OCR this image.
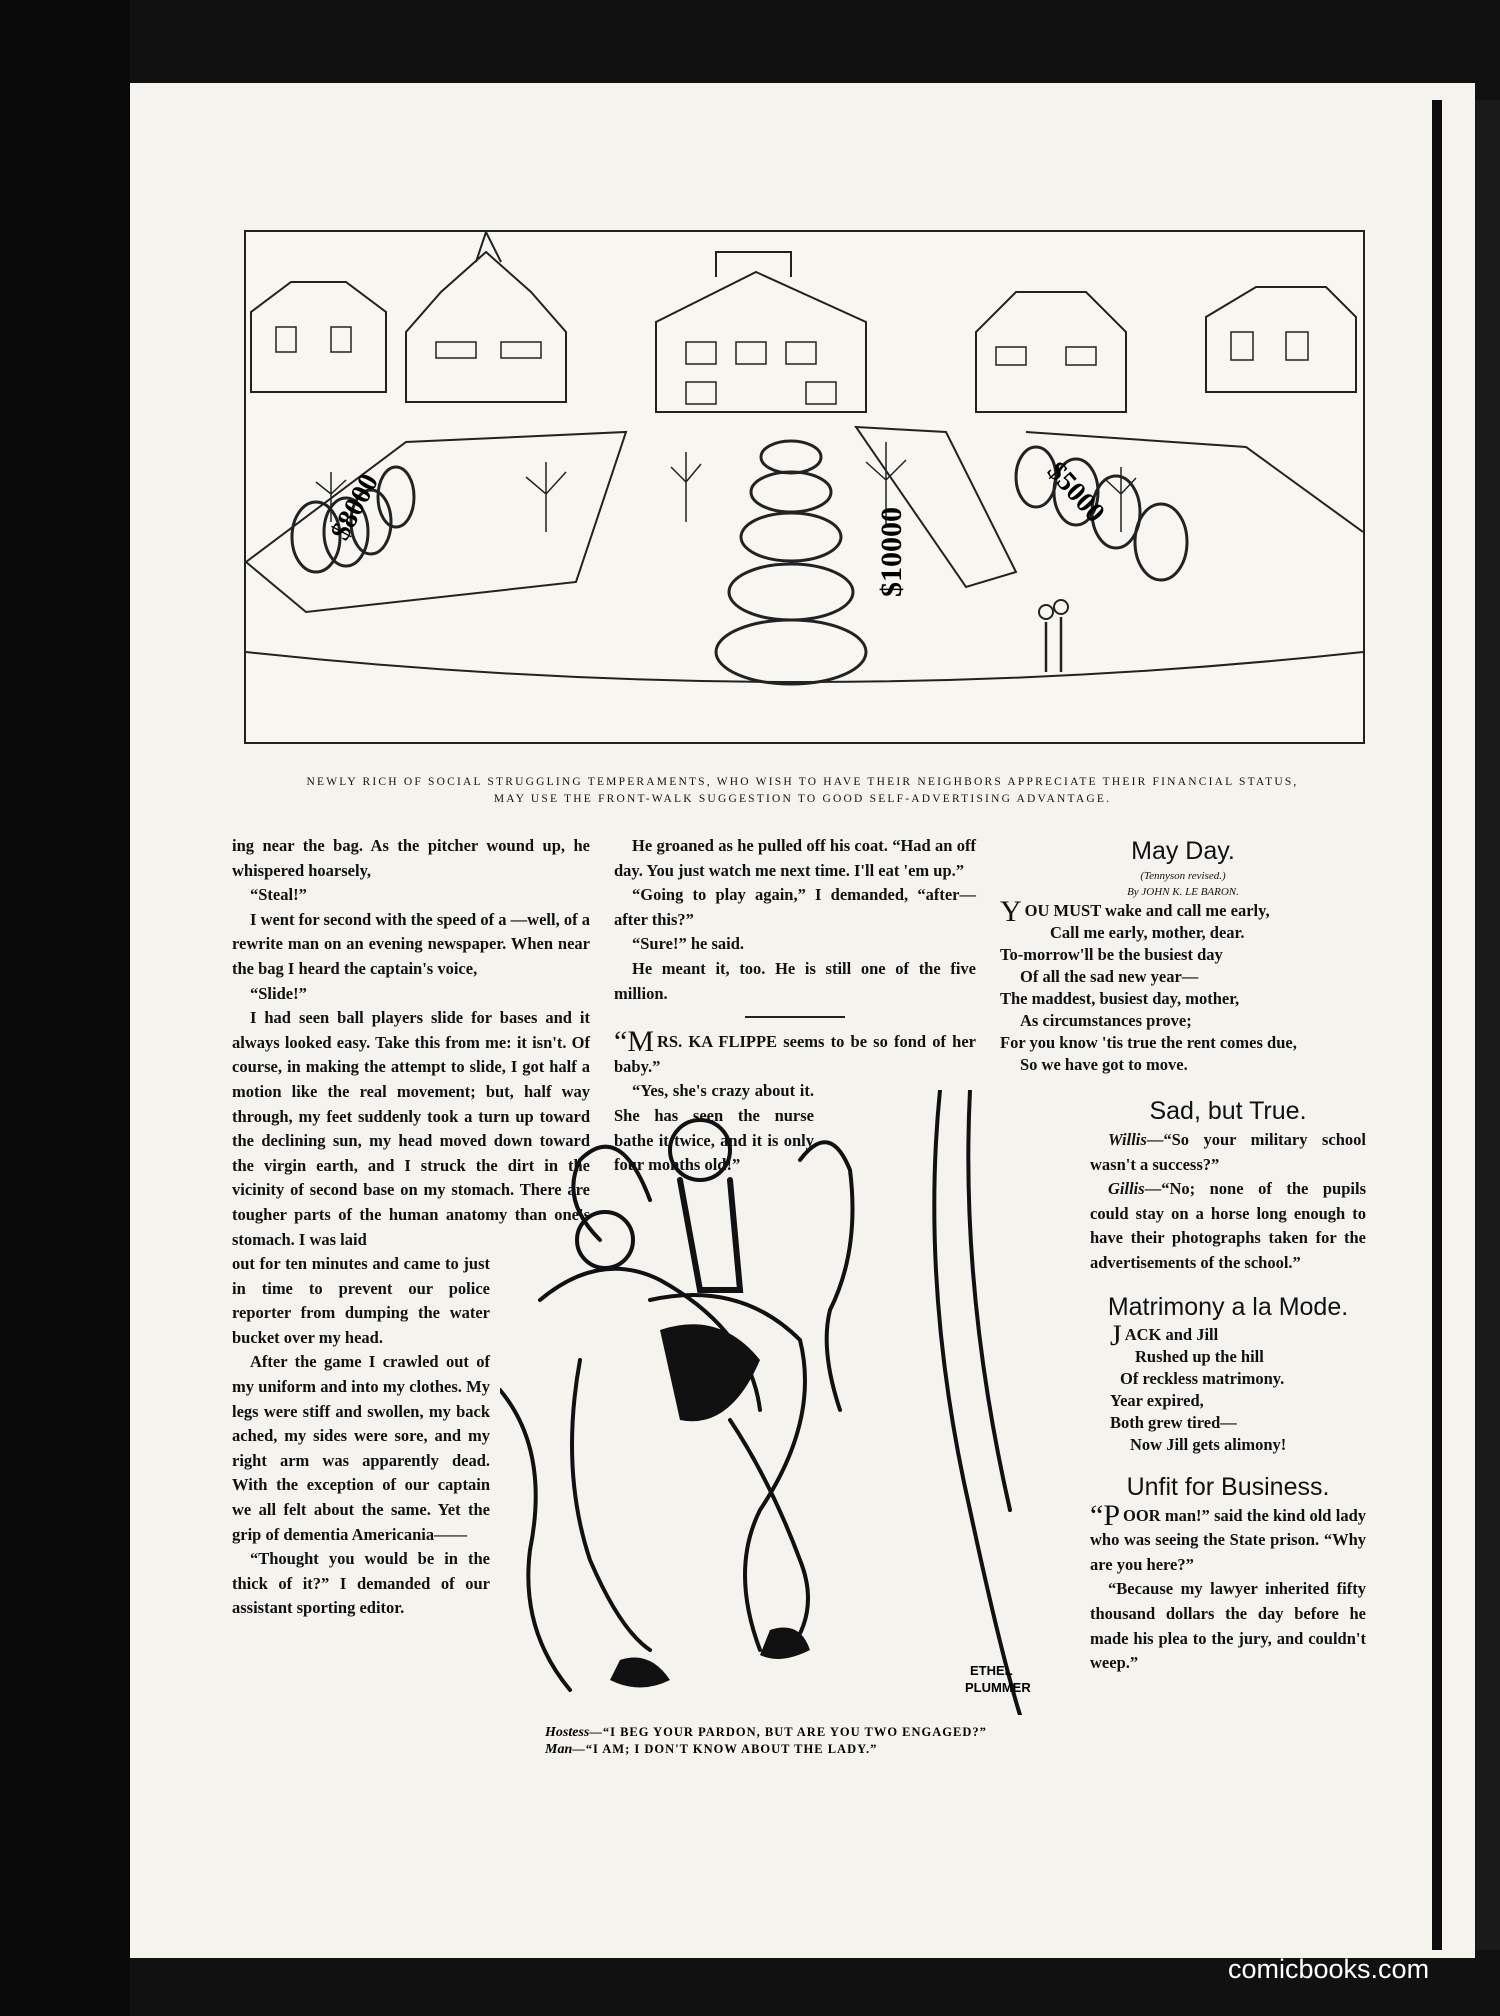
$8000	$10000
$5000
NEWLY RICH OF SOCIAL STRUGGLING TEMPERAMENTS, WHO WISH TO HAVE THEIR NEIGHBORS APPRECIATE THEIR FINANCIAL STATUS,
MAY USE THE FRONT-WALK SUGGESTION TO GOOD SELF-ADVERTISING ADVANTAGE.

ing near the bag. As the pitcher wound up, he whispered hoarsely,

“Steal!”

I went for second with the speed of a —well, of a rewrite man on an evening newspaper. When near the bag I heard the captain's voice,

“Slide!”

I had seen ball players slide for bases and it always looked easy. Take this from me: it isn't. Of course, in making the attempt to slide, I got half a motion like the real movement; but, half way through, my feet suddenly took a turn up toward the declining sun, my head moved down toward the virgin earth, and I struck the dirt in the vicinity of second base on my stomach. There are tougher parts of the human anatomy than one's stomach. I was laid

out for ten minutes and came to just in time to prevent our police reporter from dumping the water bucket over my head.

After the game I crawled out of my uniform and into my clothes. My legs were stiff and swollen, my back ached, my sides were sore, and my right arm was apparently dead. With the exception of our captain we all felt about the same. Yet the grip of dementia Americania——

“Thought you would be in the thick of it?” I demanded of our assistant sporting editor.

He groaned as he pulled off his coat. “Had an off day. You just watch me next time. I'll eat 'em up.”

“Going to play again,” I demanded, “after—after this?”

“Sure!” he said.

He meant it, too. He is still one of the five million.

“MRS. KA FLIPPE seems to be so fond of her baby.”

“Yes, she's crazy about it. She has seen the nurse bathe it twice, and it is only four months old!”

ETHEL
PLUMMER
Hostess—“I BEG YOUR PARDON, BUT ARE YOU TWO ENGAGED?”
Man—“I AM; I DON'T KNOW ABOUT THE LADY.”
May Day.
(Tennyson revised.)
By JOHN K. LE BARON.
YOU MUST wake and call me early,
Call me early, mother, dear.
To-morrow'll be the busiest day
Of all the sad new year—
The maddest, busiest day, mother,
As circumstances prove;
For you know 'tis true the rent comes due,
So we have got to move.
Sad, but True.

Willis—“So your military school wasn't a success?”

Gillis—“No; none of the pupils could stay on a horse long enough to have their photographs taken for the advertisements of the school.”

Matrimony a la Mode.
JACK and Jill
Rushed up the hill
Of reckless matrimony.
Year expired,
Both grew tired—
Now Jill gets alimony!
Unfit for Business.

“POOR man!” said the kind old lady who was seeing the State prison. “Why are you here?”

“Because my lawyer inherited fifty thousand dollars the day before he made his plea to the jury, and couldn't weep.”

comicbooks.com
